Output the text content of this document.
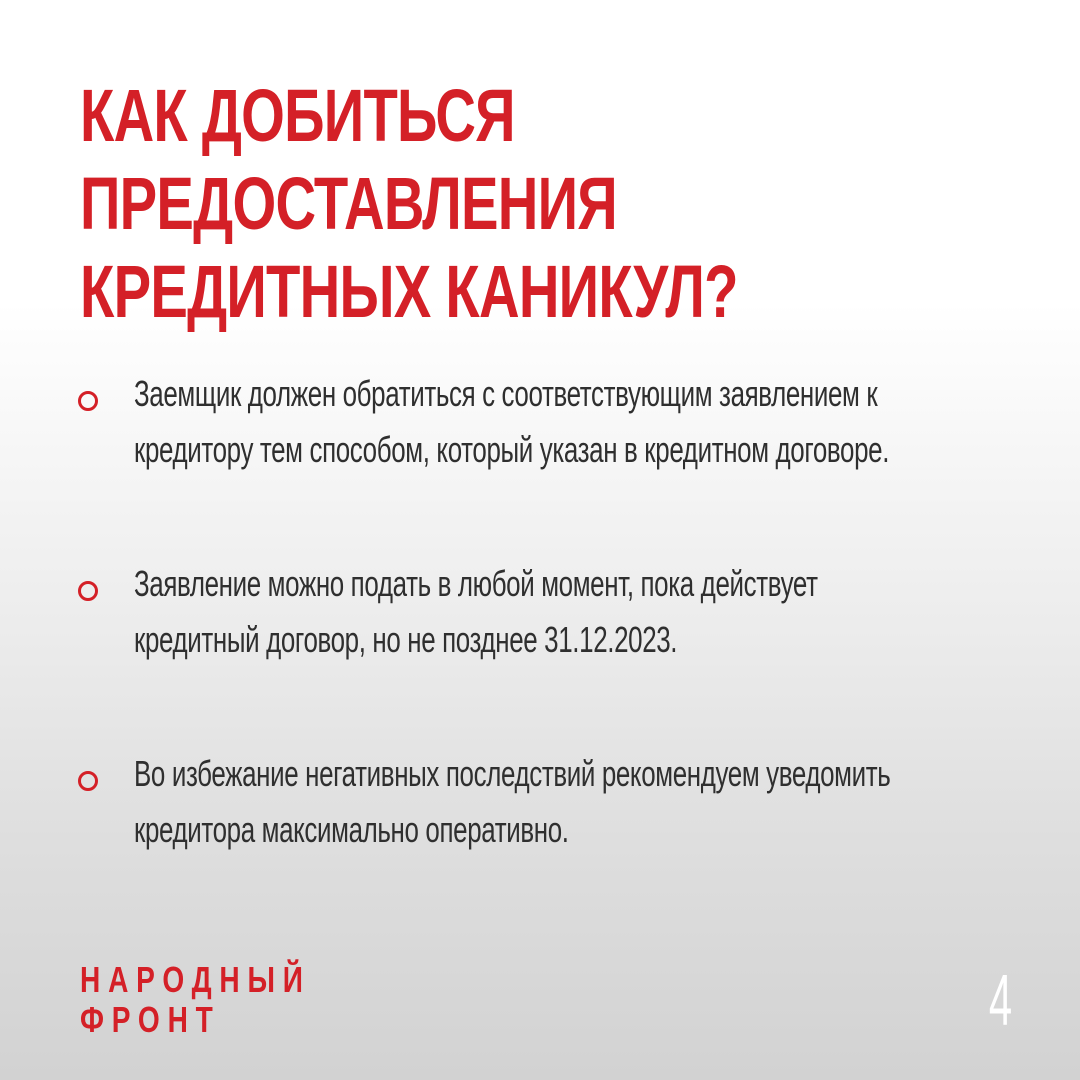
КАК ДОБИТЬСЯ
ПРЕДОСТАВЛЕНИЯ
КРЕДИТНЫХ КАНИКУЛ?
Заемщик должен обратиться с соответствующим заявлением к кредитору тем способом, который указан в кредитном договоре.
Заявление можно подать в любой момент, пока действует кредитный договор, но не позднее 31.12.2023.
Во избежание негативных последствий рекомендуем уведомить кредитора максимально оперативно.
НАРОДНЫЙ
ФРОНТ	4
